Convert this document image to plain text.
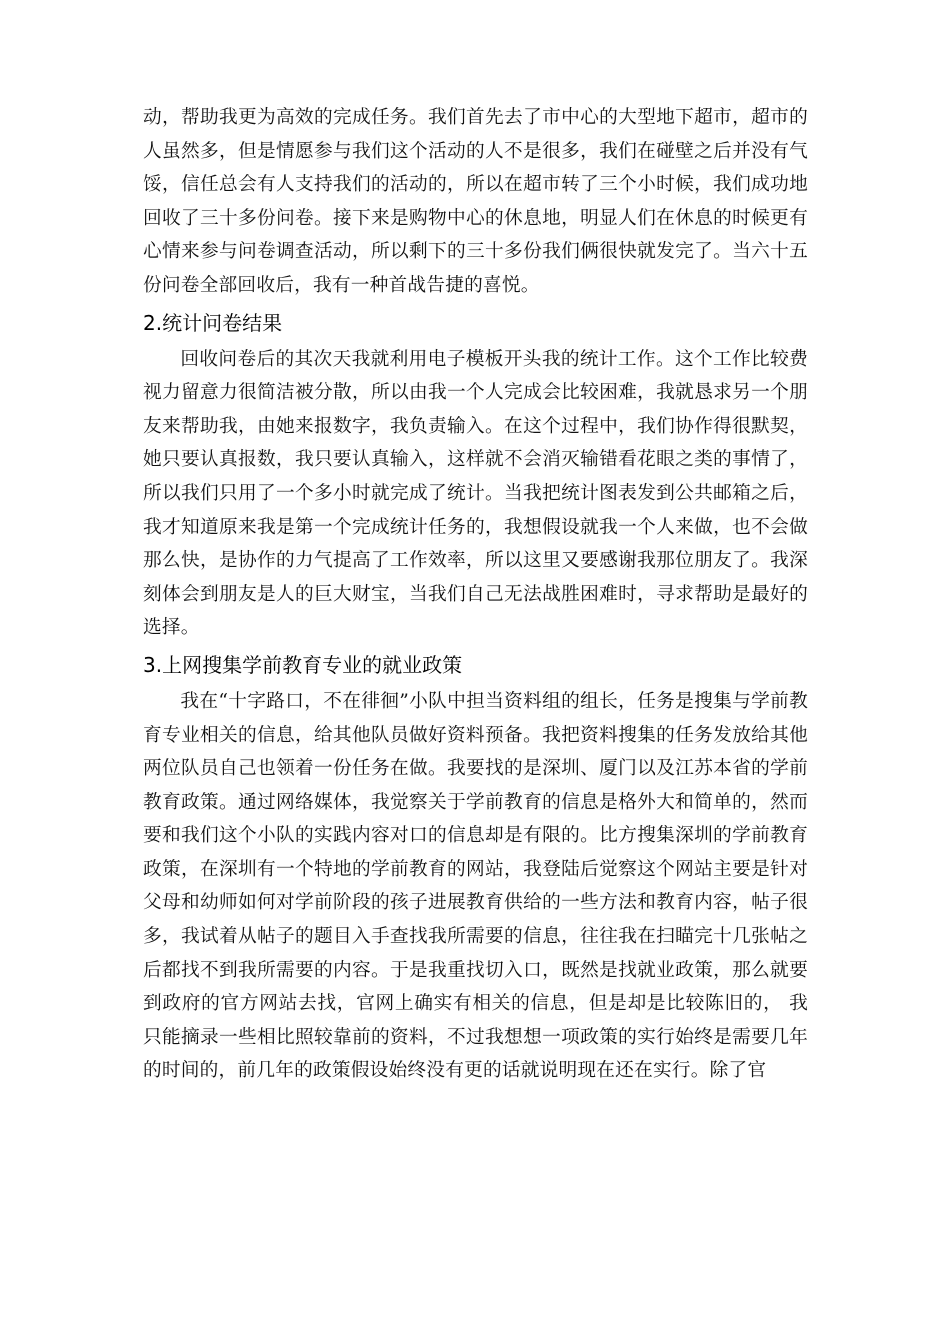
动，帮助我更为高效的完成任务。我们首先去了市中心的大型地下超市，超市的人虽然多，但是情愿参与我们这个活动的人不是很多，我们在碰壁之后并没有气馁，信任总会有人支持我们的活动的，所以在超市转了三个小时候，我们成功地回收了三十多份问卷。接下来是购物中心的休息地，明显人们在休息的时候更有心情来参与问卷调查活动，所以剩下的三十多份我们俩很快就发完了。当六十五份问卷全部回收后，我有一种首战告捷的喜悦。

2.统计问卷结果

回收问卷后的其次天我就利用电子模板开头我的统计工作。这个工作比较费视力留意力很简洁被分散，所以由我一个人完成会比较困难，我就恳求另一个朋友来帮助我，由她来报数字，我负责输入。在这个过程中，我们协作得很默契，她只要认真报数，我只要认真输入，这样就不会消灭输错看花眼之类的事情了，所以我们只用了一个多小时就完成了统计。当我把统计图表发到公共邮箱之后，我才知道原来我是第一个完成统计任务的，我想假设就我一个人来做，也不会做那么快，是协作的力气提高了工作效率，所以这里又要感谢我那位朋友了。我深刻体会到朋友是人的巨大财宝，当我们自己无法战胜困难时，寻求帮助是最好的选择。

3.上网搜集学前教育专业的就业政策

我在“十字路口，不在徘徊”小队中担当资料组的组长，任务是搜集与学前教育专业相关的信息，给其他队员做好资料预备。我把资料搜集的任务发放给其他两位队员自己也领着一份任务在做。我要找的是深圳、厦门以及江苏本省的学前教育政策。通过网络媒体，我觉察关于学前教育的信息是格外大和简单的，然而要和我们这个小队的实践内容对口的信息却是有限的。比方搜集深圳的学前教育政策，在深圳有一个特地的学前教育的网站，我登陆后觉察这个网站主要是针对父母和幼师如何对学前阶段的孩子进展教育供给的一些方法和教育内容，帖子很多，我试着从帖子的题目入手查找我所需要的信息，往往我在扫瞄完十几张帖之后都找不到我所需要的内容。于是我重找切入口，既然是找就业政策，那么就要到政府的官方网站去找，官网上确实有相关的信息，但是却是比较陈旧的， 我只能摘录一些相比照较靠前的资料，不过我想想一项政策的实行始终是需要几年的时间的，前几年的政策假设始终没有更的话就说明现在还在实行。除了官
